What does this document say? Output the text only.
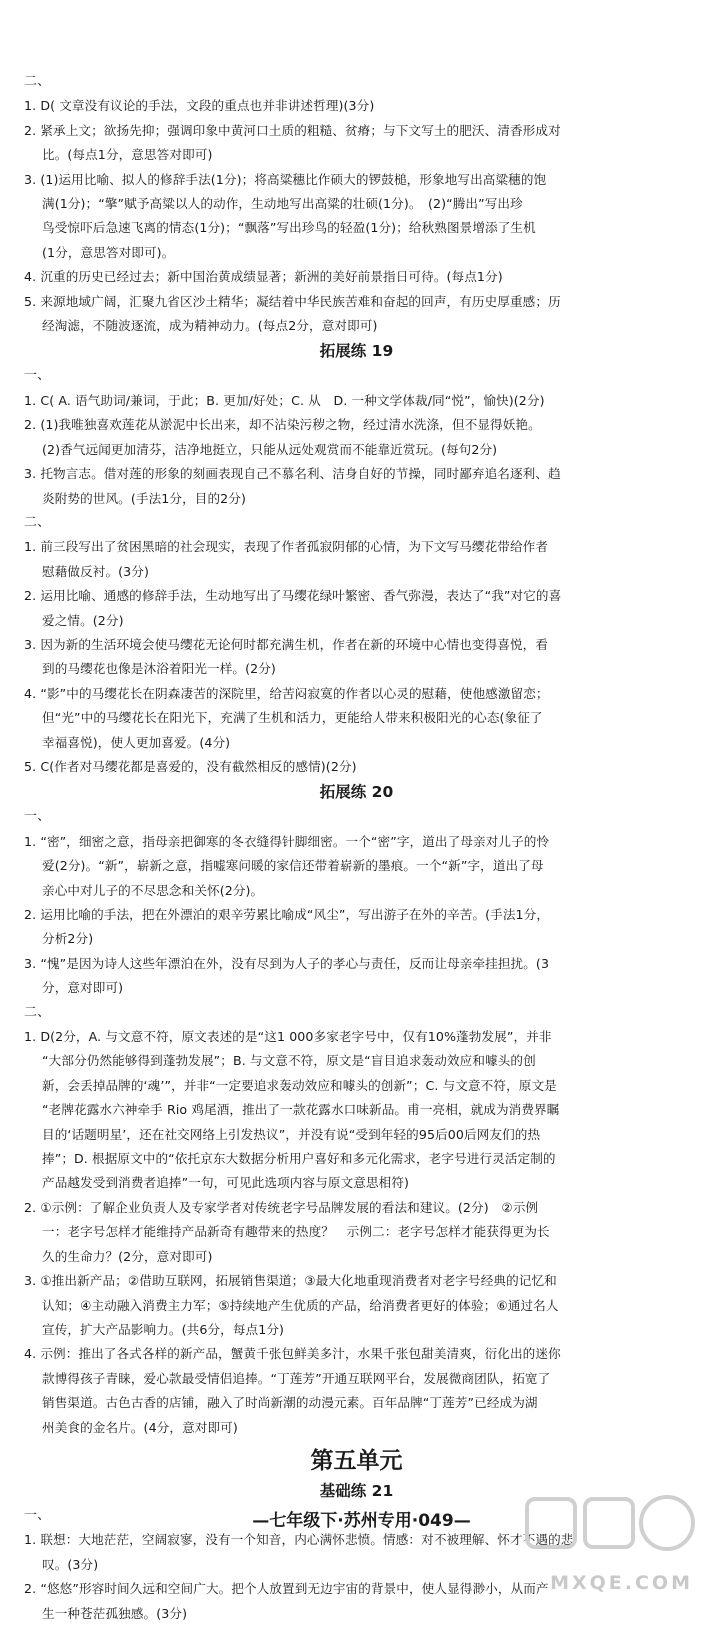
二、
1. D( 文章没有议论的手法，文段的重点也并非讲述哲理)(3分)
2. 紧承上文；欲扬先抑；强调印象中黄河口土质的粗糙、贫瘠；与下文写土的肥沃、清香形成对
比。(每点1分，意思答对即可)
3. (1)运用比喻、拟人的修辞手法(1分)；将高粱穗比作硕大的锣鼓槌，形象地写出高粱穗的饱
满(1分)；“擎”赋予高粱以人的动作，生动地写出高粱的壮硕(1分)。　(2)“腾出”写出珍
鸟受惊吓后急速飞离的情态(1分)；“飘落”写出珍鸟的轻盈(1分)；给秋熟图景增添了生机
(1分，意思答对即可)。
4. 沉重的历史已经过去；新中国治黄成绩显著；新洲的美好前景指日可待。(每点1分)
5. 来源地域广阔，汇聚九省区沙土精华；凝结着中华民族苦难和奋起的回声，有历史厚重感；历
经淘滤，不随波逐流，成为精神动力。(每点2分，意对即可)
拓展练 19
一、
1. C( A. 语气助词/兼词，于此；B. 更加/好处；C. 从　D. 一种文学体裁/同“悦”，愉快)(2分)
2. (1)我唯独喜欢莲花从淤泥中长出来，却不沾染污秽之物，经过清水洗涤，但不显得妖艳。
(2)香气远闻更加清芬，洁净地挺立，只能从远处观赏而不能靠近赏玩。(每句2分)
3. 托物言志。借对莲的形象的刻画表现自己不慕名利、洁身自好的节操，同时鄙弃追名逐利、趋
炎附势的世风。(手法1分，目的2分)
二、
1. 前三段写出了贫困黑暗的社会现实，表现了作者孤寂阴郁的心情，为下文写马缨花带给作者
慰藉做反衬。(3分)
2. 运用比喻、通感的修辞手法，生动地写出了马缨花绿叶繁密、香气弥漫，表达了“我”对它的喜
爱之情。(2分)
3. 因为新的生活环境会使马缨花无论何时都充满生机，作者在新的环境中心情也变得喜悦，看
到的马缨花也像是沐浴着阳光一样。(2分)
4. “影”中的马缨花长在阴森凄苦的深院里，给苦闷寂寞的作者以心灵的慰藉，使他感激留恋；
但“光”中的马缨花长在阳光下，充满了生机和活力，更能给人带来积极阳光的心态(象征了
幸福喜悦)，使人更加喜爱。(4分)
5. C(作者对马缨花都是喜爱的，没有截然相反的感情)(2分)
拓展练 20
一、
1. “密”，细密之意，指母亲把御寒的冬衣缝得针脚细密。一个“密”字，道出了母亲对儿子的怜
爱(2分)。“新”，崭新之意，指嘘寒问暖的家信还带着崭新的墨痕。一个“新”字，道出了母
亲心中对儿子的不尽思念和关怀(2分)。
2. 运用比喻的手法，把在外漂泊的艰辛劳累比喻成“风尘”，写出游子在外的辛苦。(手法1分，
分析2分)
3. “愧”是因为诗人这些年漂泊在外，没有尽到为人子的孝心与责任，反而让母亲牵挂担扰。(3
分，意对即可)
二、
1. D(2分，A. 与文意不符，原文表述的是“这1 000多家老字号中，仅有10%蓬勃发展”，并非
“大部分仍然能够得到蓬勃发展”；B. 与文意不符，原文是“盲目追求轰动效应和噱头的创
新，会丢掉品牌的‘魂’”，并非“一定要追求轰动效应和噱头的创新”；C. 与文意不符，原文是
“老牌花露水六神牵手 Rio 鸡尾酒，推出了一款花露水口味新品。甫一亮相，就成为消费界瞩
目的‘话题明星’，还在社交网络上引发热议”，并没有说“受到年轻的95后00后网友们的热
捧”；D. 根据原文中的“依托京东大数据分析用户喜好和多元化需求，老字号进行灵活定制的
产品越发受到消费者追捧”一句，可见此选项内容与原文意思相符)
2. ①示例：了解企业负责人及专家学者对传统老字号品牌发展的看法和建议。(2分)　②示例
一：老字号怎样才能维持产品新奇有趣带来的热度？　示例二：老字号怎样才能获得更为长
久的生命力？(2分，意对即可)
3. ①推出新产品；②借助互联网，拓展销售渠道；③最大化地重现消费者对老字号经典的记忆和
认知；④主动融入消费主力军；⑤持续地产生优质的产品，给消费者更好的体验；⑥通过名人
宣传，扩大产品影响力。(共6分，每点1分)
4. 示例：推出了各式各样的新产品，蟹黄千张包鲜美多汁，水果千张包甜美清爽，衍化出的迷你
款博得孩子青睐，爱心款最受情侣追捧。“丁莲芳”开通互联网平台，发展微商团队，拓宽了
销售渠道。古色古香的店铺，融入了时尚新潮的动漫元素。百年品牌“丁莲芳”已经成为湖
州美食的金名片。(4分，意对即可)
第五单元
基础练 21
一、
1. 联想：大地茫茫，空阔寂寥，没有一个知音，内心满怀悲愤。情感：对不被理解、怀才不遇的悲
叹。(3分)
2. “悠悠”形容时间久远和空间广大。把个人放置到无边宇宙的背景中，使人显得渺小，从而产
生一种苍茫孤独感。(3分)
—七年级下·苏州专用·049—
MXQE.COM
